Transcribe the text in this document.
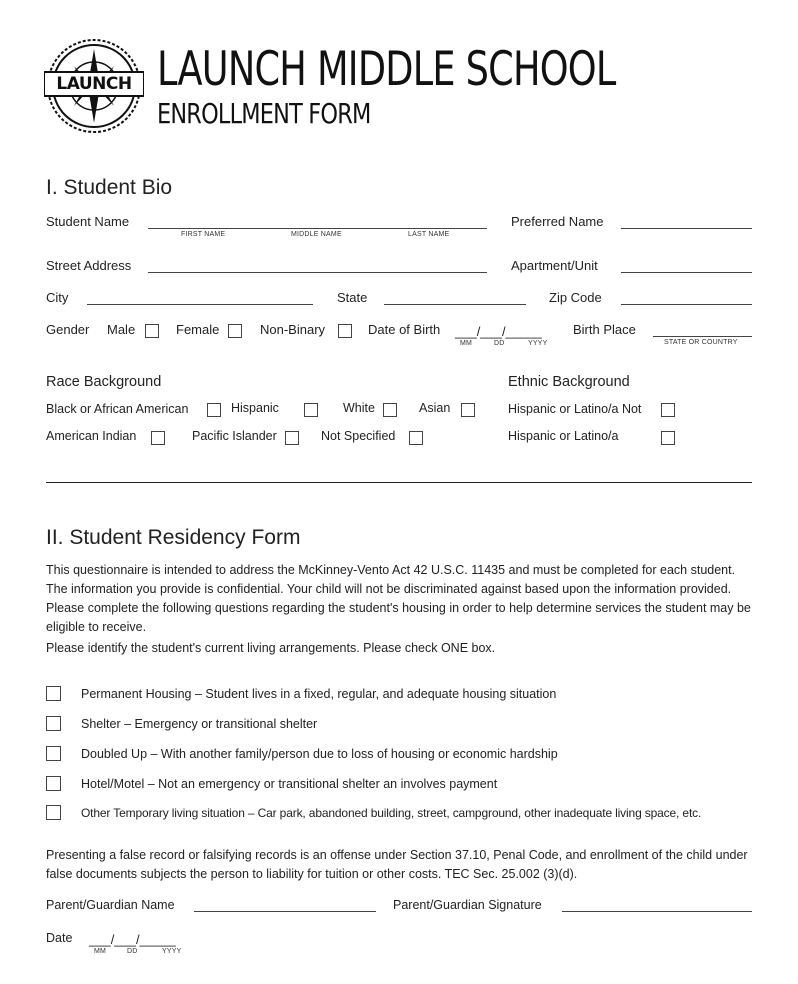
LAUNCH LAUNCH MIDDLE SCHOOL
ENROLLMENT FORM
I. Student Bio
Student Name
FIRST NAME	MIDDLE NAME	LAST NAME
Preferred Name
Street Address	Apartment/Unit
City	State	Zip Code
Gender Male	Female	Non-Binary	Date of Birth ___/___/_____
MM	DD	YYYY
Birth Place
STATE OR COUNTRY
Race Background	Ethnic Background
Black or African American	Hispanic	White	Asian	Hispanic or Latino/a Not
American Indian	Pacific Islander	Not Specified	Hispanic or Latino/a
II. Student Residency Form
This questionnaire is intended to address the McKinney-Vento Act 42 U.S.C. 11435 and must be completed for each student. The information you provide is confidential. Your child will not be discriminated against based upon the information provided. Please complete the following questions regarding the student's housing in order to help determine services the student may be eligible to receive.
Please identify the student's current living arrangements. Please check ONE box.
Permanent Housing – Student lives in a fixed, regular, and adequate housing situation
Shelter – Emergency or transitional shelter
Doubled Up – With another family/person due to loss of housing or economic hardship
Hotel/Motel – Not an emergency or transitional shelter an involves payment
Other Temporary living situation – Car park, abandoned building, street, campground, other inadequate living space, etc.
Presenting a false record or falsifying records is an offense under Section 37.10, Penal Code, and enrollment of the child under false documents subjects the person to liability for tuition or other costs. TEC Sec. 25.002 (3)(d).
Parent/Guardian Name	Parent/Guardian Signature
Date ___/___/_____
MM	DD	YYYY
